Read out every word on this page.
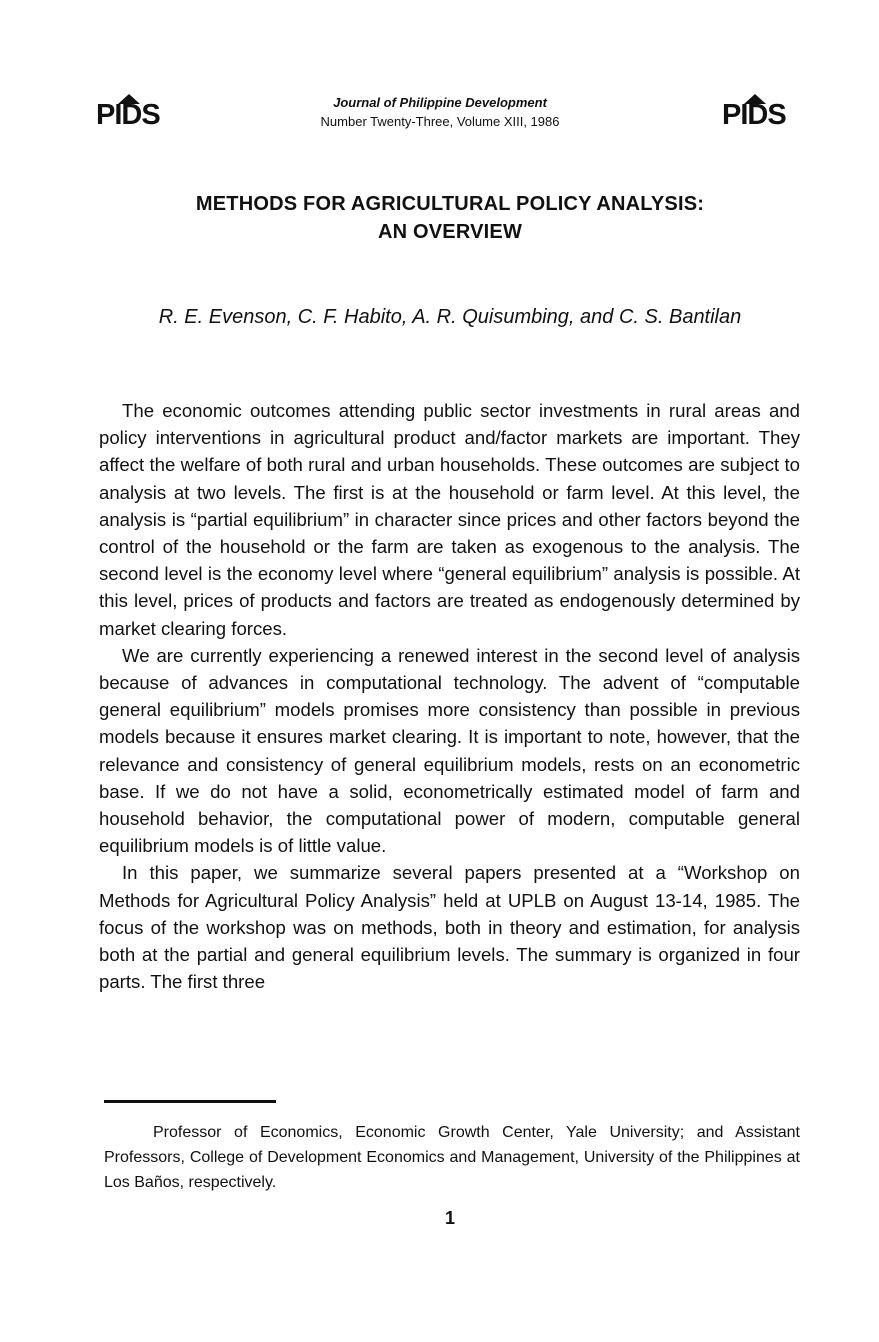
PIDS	Journal of Philippine Development
Number Twenty-Three, Volume XIII, 1986	PIDS
METHODS FOR AGRICULTURAL POLICY ANALYSIS:
AN OVERVIEW
R. E. Evenson, C. F. Habito, A. R. Quisumbing, and C. S. Bantilan

The economic outcomes attending public sector investments in rural areas and policy interventions in agricultural product and/factor markets are important. They affect the welfare of both rural and urban households. These outcomes are subject to analysis at two levels. The first is at the household or farm level. At this level, the analysis is “partial equilibrium” in character since prices and other factors beyond the control of the household or the farm are taken as exogenous to the analysis. The second level is the economy level where “general equilibrium” analysis is possible. At this level, prices of products and factors are treated as endogenously determined by market clearing forces.

We are currently experiencing a renewed interest in the second level of analysis because of advances in computational technology. The advent of “computable general equilibrium” models promises more consistency than possible in previous models because it ensures market clearing. It is important to note, however, that the relevance and consistency of general equilibrium models, rests on an econometric base. If we do not have a solid, econometrically estimated model of farm and household behavior, the computational power of modern, computable general equilibrium models is of little value.

In this paper, we summarize several papers presented at a “Workshop on Methods for Agricultural Policy Analysis” held at UPLB on August 13-14, 1985. The focus of the workshop was on methods, both in theory and estimation, for analysis both at the partial and general equilibrium levels. The summary is organized in four parts. The first three

Professor of Economics, Economic Growth Center, Yale University; and Assistant Professors, College of Development Economics and Management, University of the Philippines at Los Baños, respectively.

1
